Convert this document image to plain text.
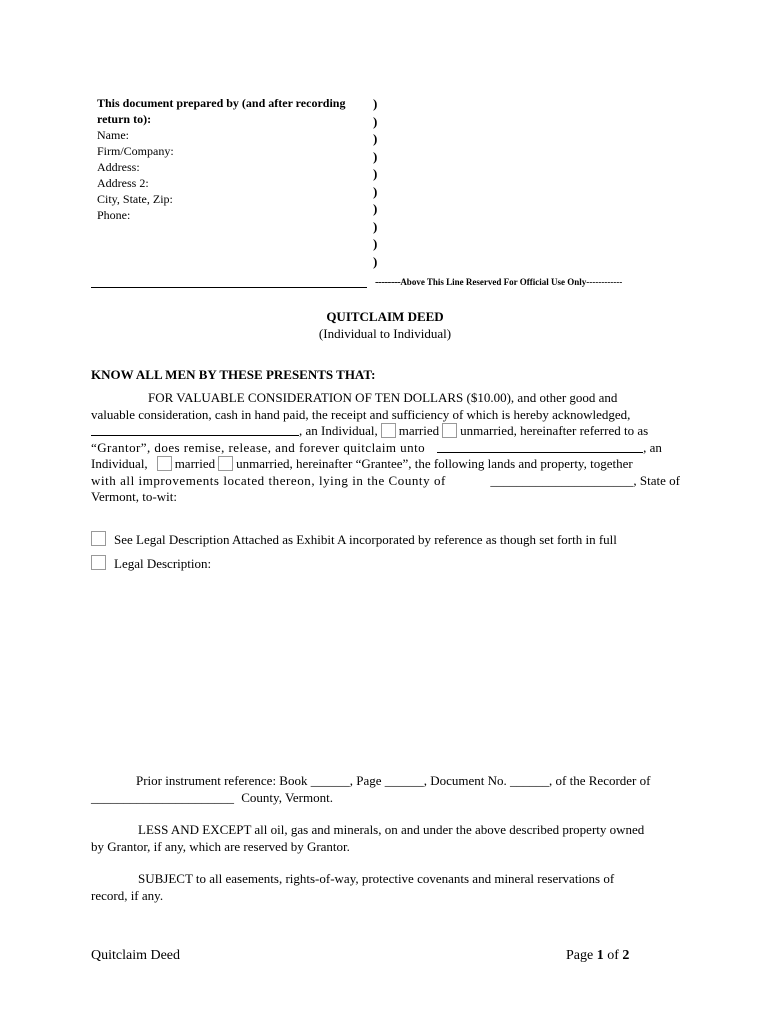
This document prepared by (and after recording
return to):
Name:
Firm/Company:
Address:
Address 2:
City, State, Zip:
Phone:
)
)
)
)
)
)
)
)
)
)
--------Above This Line Reserved For Official Use Only------------
QUITCLAIM DEED
(Individual to Individual)
KNOW ALL MEN BY THESE PRESENTS THAT:
FOR VALUABLE CONSIDERATION OF TEN DOLLARS ($10.00), and other good and
valuable consideration, cash in hand paid, the receipt and sufficiency of which is hereby acknowledged,
, an Individual, married unmarried, hereinafter referred to as
“Grantor”, does remise, release, and forever quitclaim unto	, an
Individual, married unmarried, hereinafter “Grantee”, the following lands and property, together
with all improvements located thereon, lying in the County of	______________________, State of
Vermont, to-wit:
See Legal Description Attached as Exhibit A incorporated by reference as though set forth in full
Legal Description:
Prior instrument reference: Book ______, Page ______, Document No. ______, of the Recorder of
______________________ County, Vermont.
LESS AND EXCEPT all oil, gas and minerals, on and under the above described property owned
by Grantor, if any, which are reserved by Grantor.
SUBJECT to all easements, rights-of-way, protective covenants and mineral reservations of
record, if any.
Quitclaim Deed	Page 1 of 2
